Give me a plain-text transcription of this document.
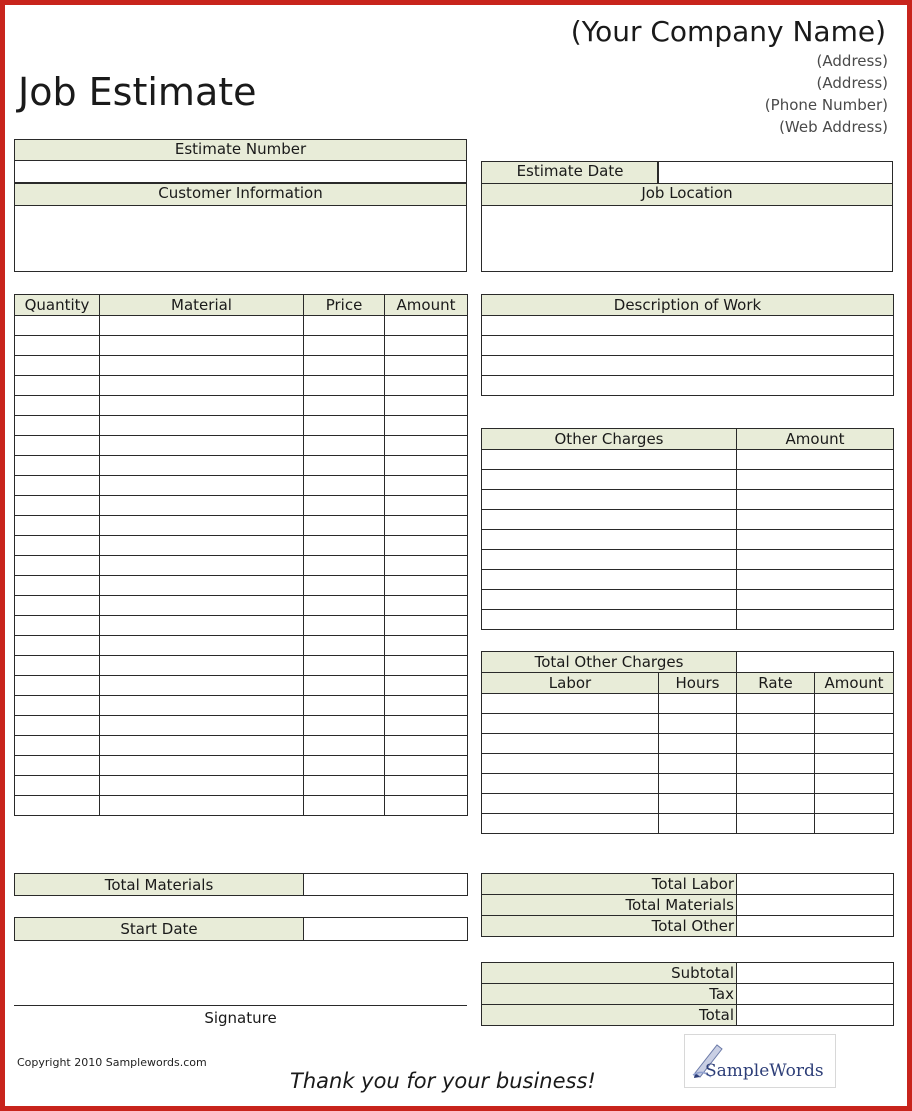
Job Estimate
(Your Company Name)
(Address)
(Address)
(Phone Number)
(Web Address)
Estimate Number
Customer Information
Estimate Date
Job Location
Quantity	Material	Price	Amount

Total Materials	
Start Date	
Signature
Description of Work

Other Charges	Amount

Total Other Charges			
Labor	Hours	Rate	Amount

Total Labor	
Total Materials	
Total Other	
Subtotal	
Tax	
Total	
Copyright 2010 Samplewords.com
Thank you for your business!	SampleWords
